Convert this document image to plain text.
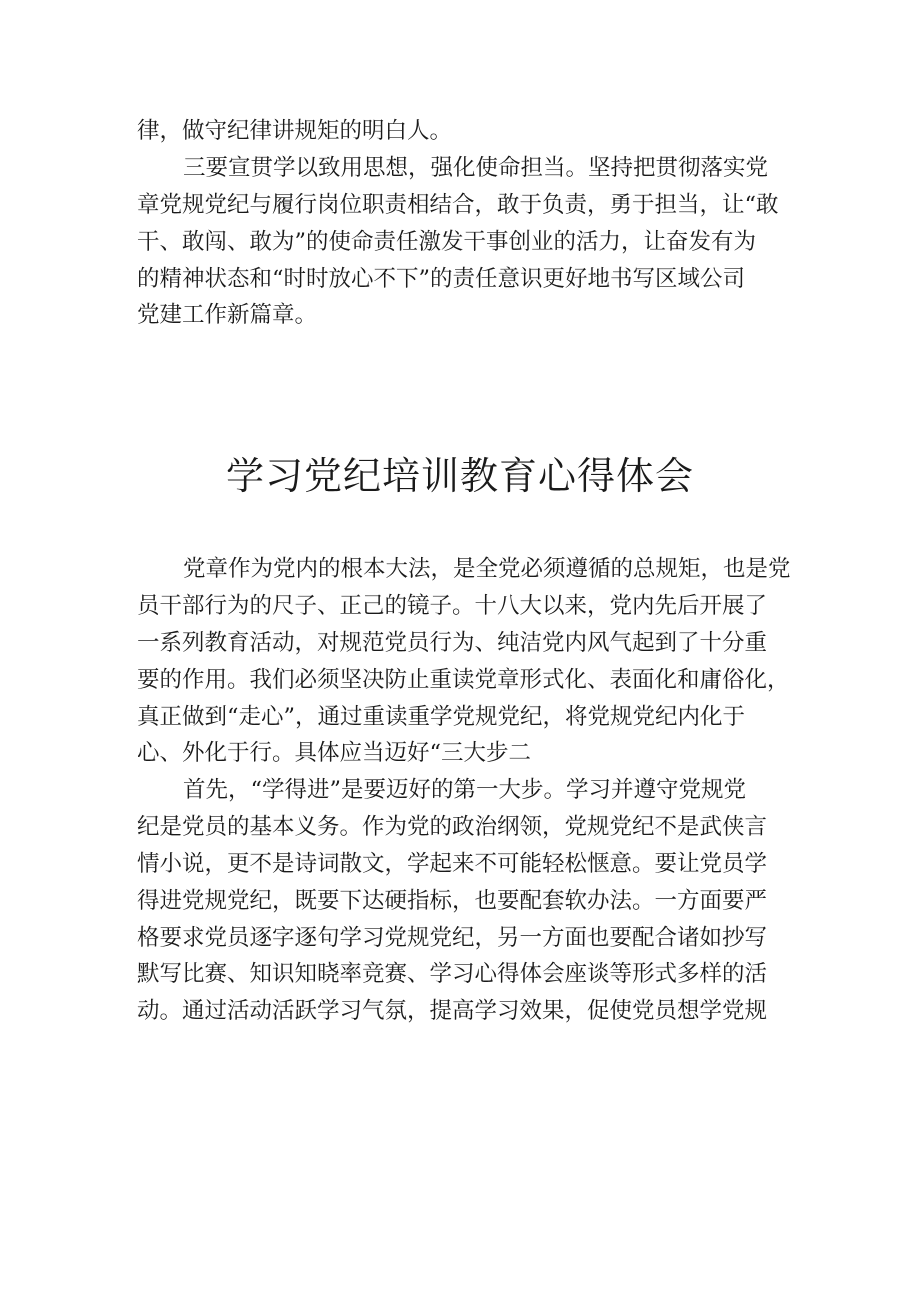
律，做守纪律讲规矩的明白人。
三要宣贯学以致用思想，强化使命担当。坚持把贯彻落实党
章党规党纪与履行岗位职责相结合，敢于负责，勇于担当，让“敢
干、敢闯、敢为”的使命责任激发干事创业的活力，让奋发有为
的精神状态和“时时放心不下”的责任意识更好地书写区域公司
党建工作新篇章。
学习党纪培训教育心得体会
党章作为党内的根本大法，是全党必须遵循的总规矩，也是党
员干部行为的尺子、正己的镜子。十八大以来，党内先后开展了
一系列教育活动，对规范党员行为、纯洁党内风气起到了十分重
要的作用。我们必须坚决防止重读党章形式化、表面化和庸俗化，
真正做到“走心”，通过重读重学党规党纪，将党规党纪内化于
心、外化于行。具体应当迈好“三大步二
首先，“学得进”是要迈好的第一大步。学习并遵守党规党
纪是党员的基本义务。作为党的政治纲领，党规党纪不是武侠言
情小说，更不是诗词散文，学起来不可能轻松惬意。要让党员学
得进党规党纪，既要下达硬指标，也要配套软办法。一方面要严
格要求党员逐字逐句学习党规党纪，另一方面也要配合诸如抄写
默写比赛、知识知晓率竞赛、学习心得体会座谈等形式多样的活
动。通过活动活跃学习气氛，提高学习效果，促使党员想学党规
